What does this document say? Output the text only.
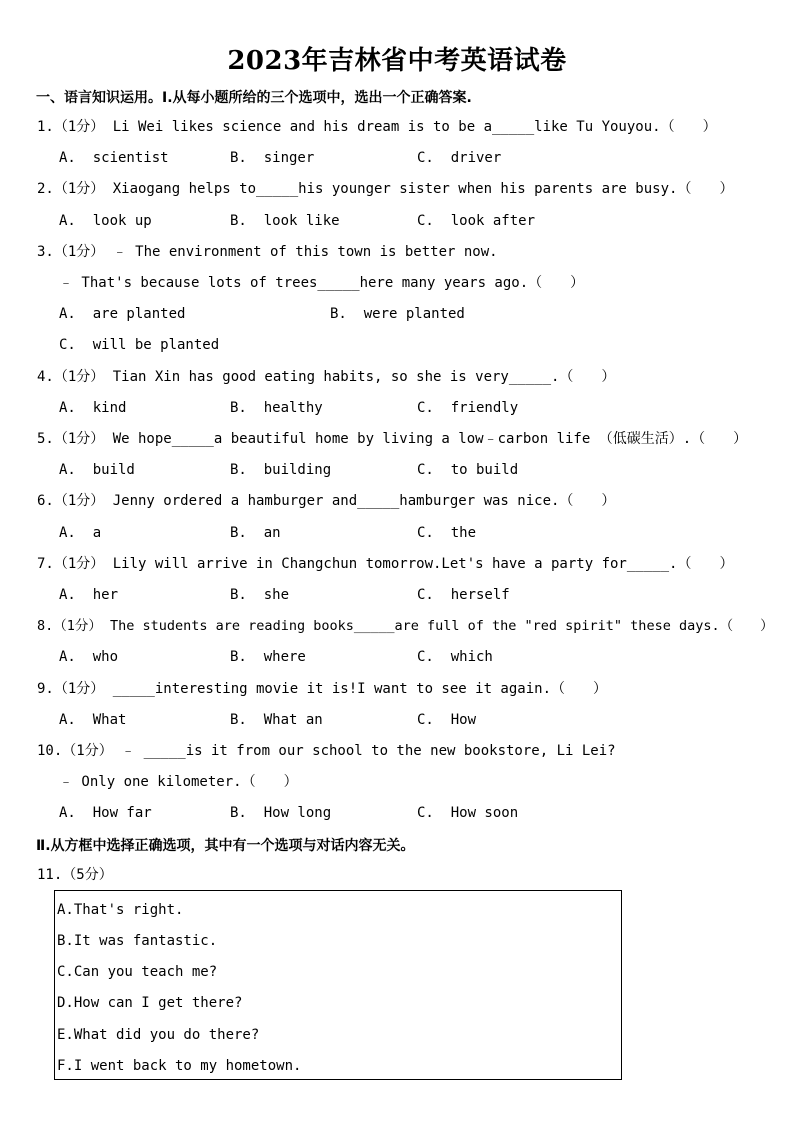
2023年吉林省中考英语试卷
一、语言知识运用。I.从每小题所给的三个选项中，选出一个正确答案.
1.（1分） Li Wei likes science and his dream is to be a_____like Tu Youyou.（　　）
A.  scientist	B.  singer	C.  driver
2.（1分） Xiaogang helps to_____his younger sister when his parents are busy.（　　）
A.  look up	B.  look like	C.  look after
3.（1分） ﹣ The environment of this town is better now.
﹣ That's because lots of trees_____here many years ago.（　　）
A.  are planted	B.  were planted
C.  will be planted
4.（1分） Tian Xin has good eating habits, so she is very_____.（　　）
A.  kind	B.  healthy	C.  friendly
5.（1分） We hope_____a beautiful home by living a low﹣carbon life （低碳生活）.（　　）
A.  build	B.  building	C.  to build
6.（1分） Jenny ordered a hamburger and_____hamburger was nice.（　　）
A.  a	B.  an	C.  the
7.（1分） Lily will arrive in Changchun tomorrow.Let's have a party for_____.（　　）
A.  her	B.  she	C.  herself
8.（1分） The students are reading books_____are full of the "red spirit" these days.（　　）
A.  who	B.  where	C.  which
9.（1分） _____interesting movie it is!I want to see it again.（　　）
A.  What	B.  What an	C.  How
10.（1分） ﹣ _____is it from our school to the new bookstore, Li Lei?
﹣ Only one kilometer.（　　）
A.  How far	B.  How long	C.  How soon
Ⅱ.从方框中选择正确选项，其中有一个选项与对话内容无关。
11.（5分）
A.That's right.
B.It was fantastic.
C.Can you teach me?
D.How can I get there?
E.What did you do there?
F.I went back to my hometown.
